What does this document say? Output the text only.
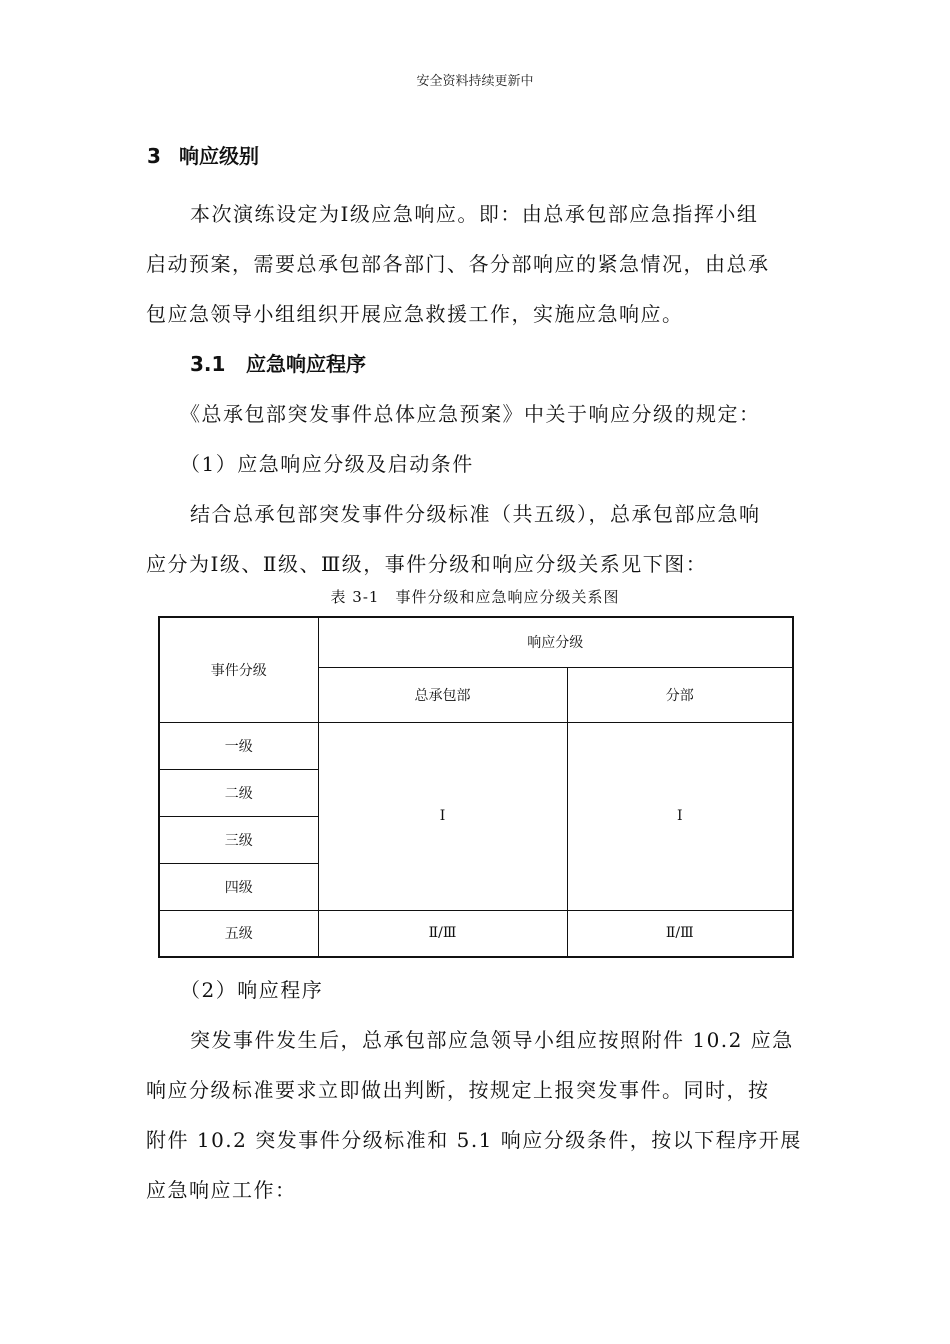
安全资料持续更新中
3 响应级别
本次演练设定为Ⅰ级应急响应。即：由总承包部应急指挥小组
启动预案，需要总承包部各部门、各分部响应的紧急情况，由总承
包应急领导小组组织开展应急救援工作，实施应急响应。
3.1 应急响应程序
《总承包部突发事件总体应急预案》中关于响应分级的规定：
（1）应急响应分级及启动条件
结合总承包部突发事件分级标准（共五级），总承包部应急响
应分为Ⅰ级、Ⅱ级、Ⅲ级，事件分级和响应分级关系见下图：
表 3-1　事件分级和应急响应分级关系图
事件分级	响应分级	
	总承包部	分部
一级	Ⅰ	Ⅰ
二级		
三级		
四级		
五级	Ⅱ/Ⅲ	Ⅱ/Ⅲ
（2）响应程序
突发事件发生后，总承包部应急领导小组应按照附件 10.2 应急
响应分级标准要求立即做出判断，按规定上报突发事件。同时，按
附件 10.2 突发事件分级标准和 5.1 响应分级条件，按以下程序开展
应急响应工作：
